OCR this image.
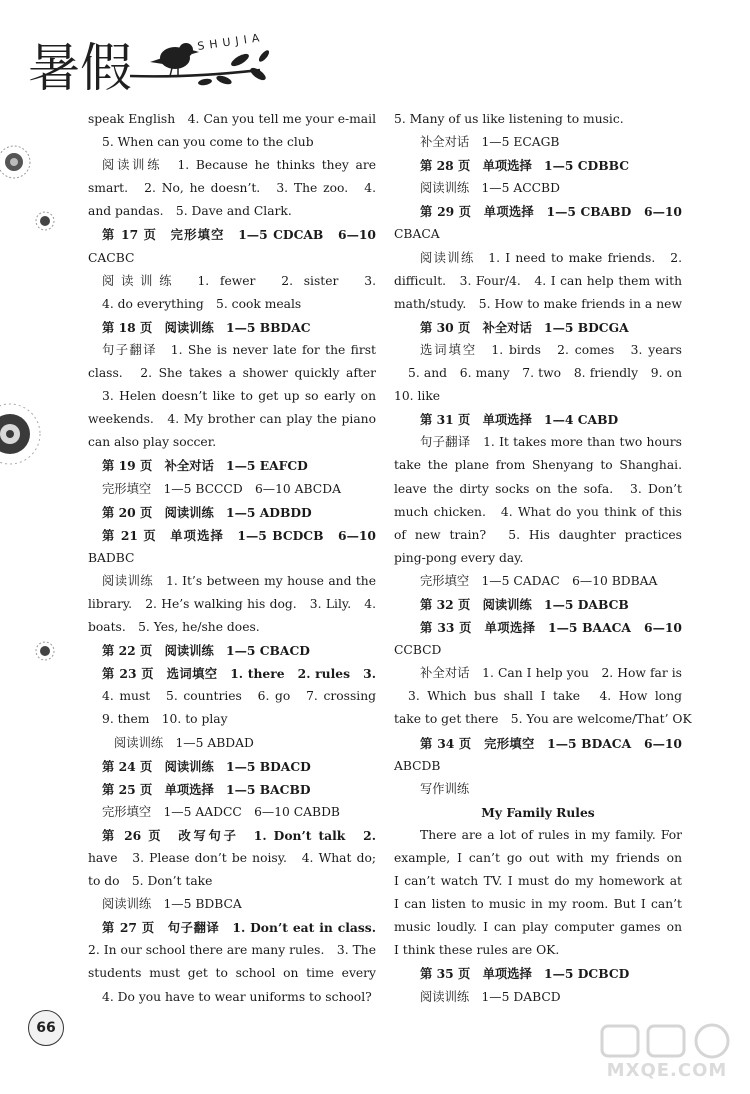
暑假	SHUJIA
speak English　4. Can you tell me your e-mail
5. When can you come to the club
阅读训练　1. Because he thinks they are
smart.　2. No, he doesn’t.　3. The zoo.　4.
and pandas.　5. Dave and Clark.
第 17 页　完形填空　1—5 CDCAB　6—10
CACBC
阅读训练　1. fewer　2. sister　3.
4. do everything　5. cook meals
第 18 页　阅读训练　1—5 BBDAC
句子翻译　1. She is never late for the first
class.　2. She takes a shower quickly after
3. Helen doesn’t like to get up so early on
weekends.　4. My brother can play the piano
can also play soccer.
第 19 页　补全对话　1—5 EAFCD
完形填空　1—5 BCCCD　6—10 ABCDA
第 20 页　阅读训练　1—5 ADBDD
第 21 页　单项选择　1—5 BCDCB　6—10
BADBC
阅读训练　1. It’s between my house and the
library.　2. He’s walking his dog.　3. Lily.　4.
boats.　5. Yes, he/she does.
第 22 页　阅读训练　1—5 CBACD
第 23 页　选词填空　1. there　2. rules　3.
4. must　5. countries　6. go　7. crossing　
9. them　10. to play
阅读训练　1—5 ABDAD
第 24 页　阅读训练　1—5 BDACD
第 25 页　单项选择　1—5 BACBD
完形填空　1—5 AADCC　6—10 CABDB
第 26 页　改写句子　1. Don’t talk　2.
have　3. Please don’t be noisy.　4. What do;
to do　5. Don’t take
阅读训练　1—5 BDBCA
第 27 页　句子翻译　1. Don’t eat in class.
2. In our school there are many rules.　3. The
students must get to school on time every
4. Do you have to wear uniforms to school?
5. Many of us like listening to music.
补全对话　1—5 ECAGB
第 28 页　单项选择　1—5 CDBBC
阅读训练　1—5 ACCBD
第 29 页　单项选择　1—5 CBABD　6—10
CBACA
阅读训练　1. I need to make friends.　2.
difficult.　3. Four/4.　4. I can help them with
math/study.　5. How to make friends in a new
第 30 页　补全对话　1—5 BDCGA
选词填空　1. birds　2. comes　3. years　
5. and　6. many　7. two　8. friendly　9. on
10. like
第 31 页　单项选择　1—4 CABD
句子翻译　1. It takes more than two hours
take the plane from Shenyang to Shanghai.　
leave the dirty socks on the sofa.　3. Don’t
much chicken.　4. What do you think of this
of new train?　5. His daughter practices
ping-pong every day.
完形填空　1—5 CADAC　6—10 BDBAA
第 32 页　阅读训练　1—5 DABCB
第 33 页　单项选择　1—5 BAACA　6—10
CCBCD
补全对话　1. Can I help you　2. How far is
3. Which bus shall I take　4. How long
take to get there　5. You are welcome/That’ OK
第 34 页　完形填空　1—5 BDACA　6—10
ABCDB
写作训练
My Family Rules
There are a lot of rules in my family. For
example, I can’t go out with my friends on
I can’t watch TV. I must do my homework at
I can listen to music in my room. But I can’t
music loudly. I can play computer games on
I think these rules are OK.
第 35 页　单项选择　1—5 DCBCD
阅读训练　1—5 DABCD
66
MXQE.COM
